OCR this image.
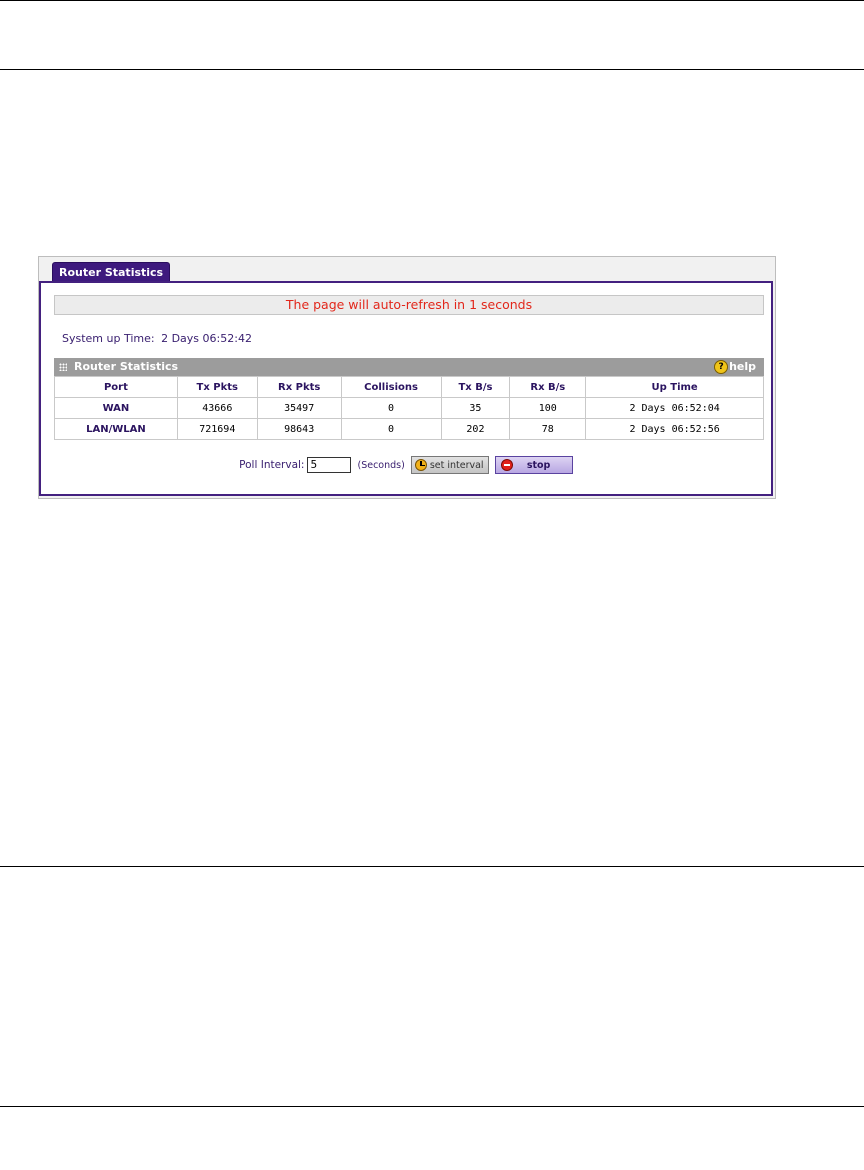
Router Statistics
The page will auto-refresh in 1 seconds
System up Time: 2 Days 06:52:42
Router Statistics	? help
Port	Tx Pkts	Rx Pkts	Collisions	Tx B/s	Rx B/s	Up Time
WAN	43666	35497	0	35	100	2 Days 06:52:04
LAN/WLAN	721694	98643	0	202	78	2 Days 06:52:56
Poll Interval:
5	(Seconds)	set interval	stop
